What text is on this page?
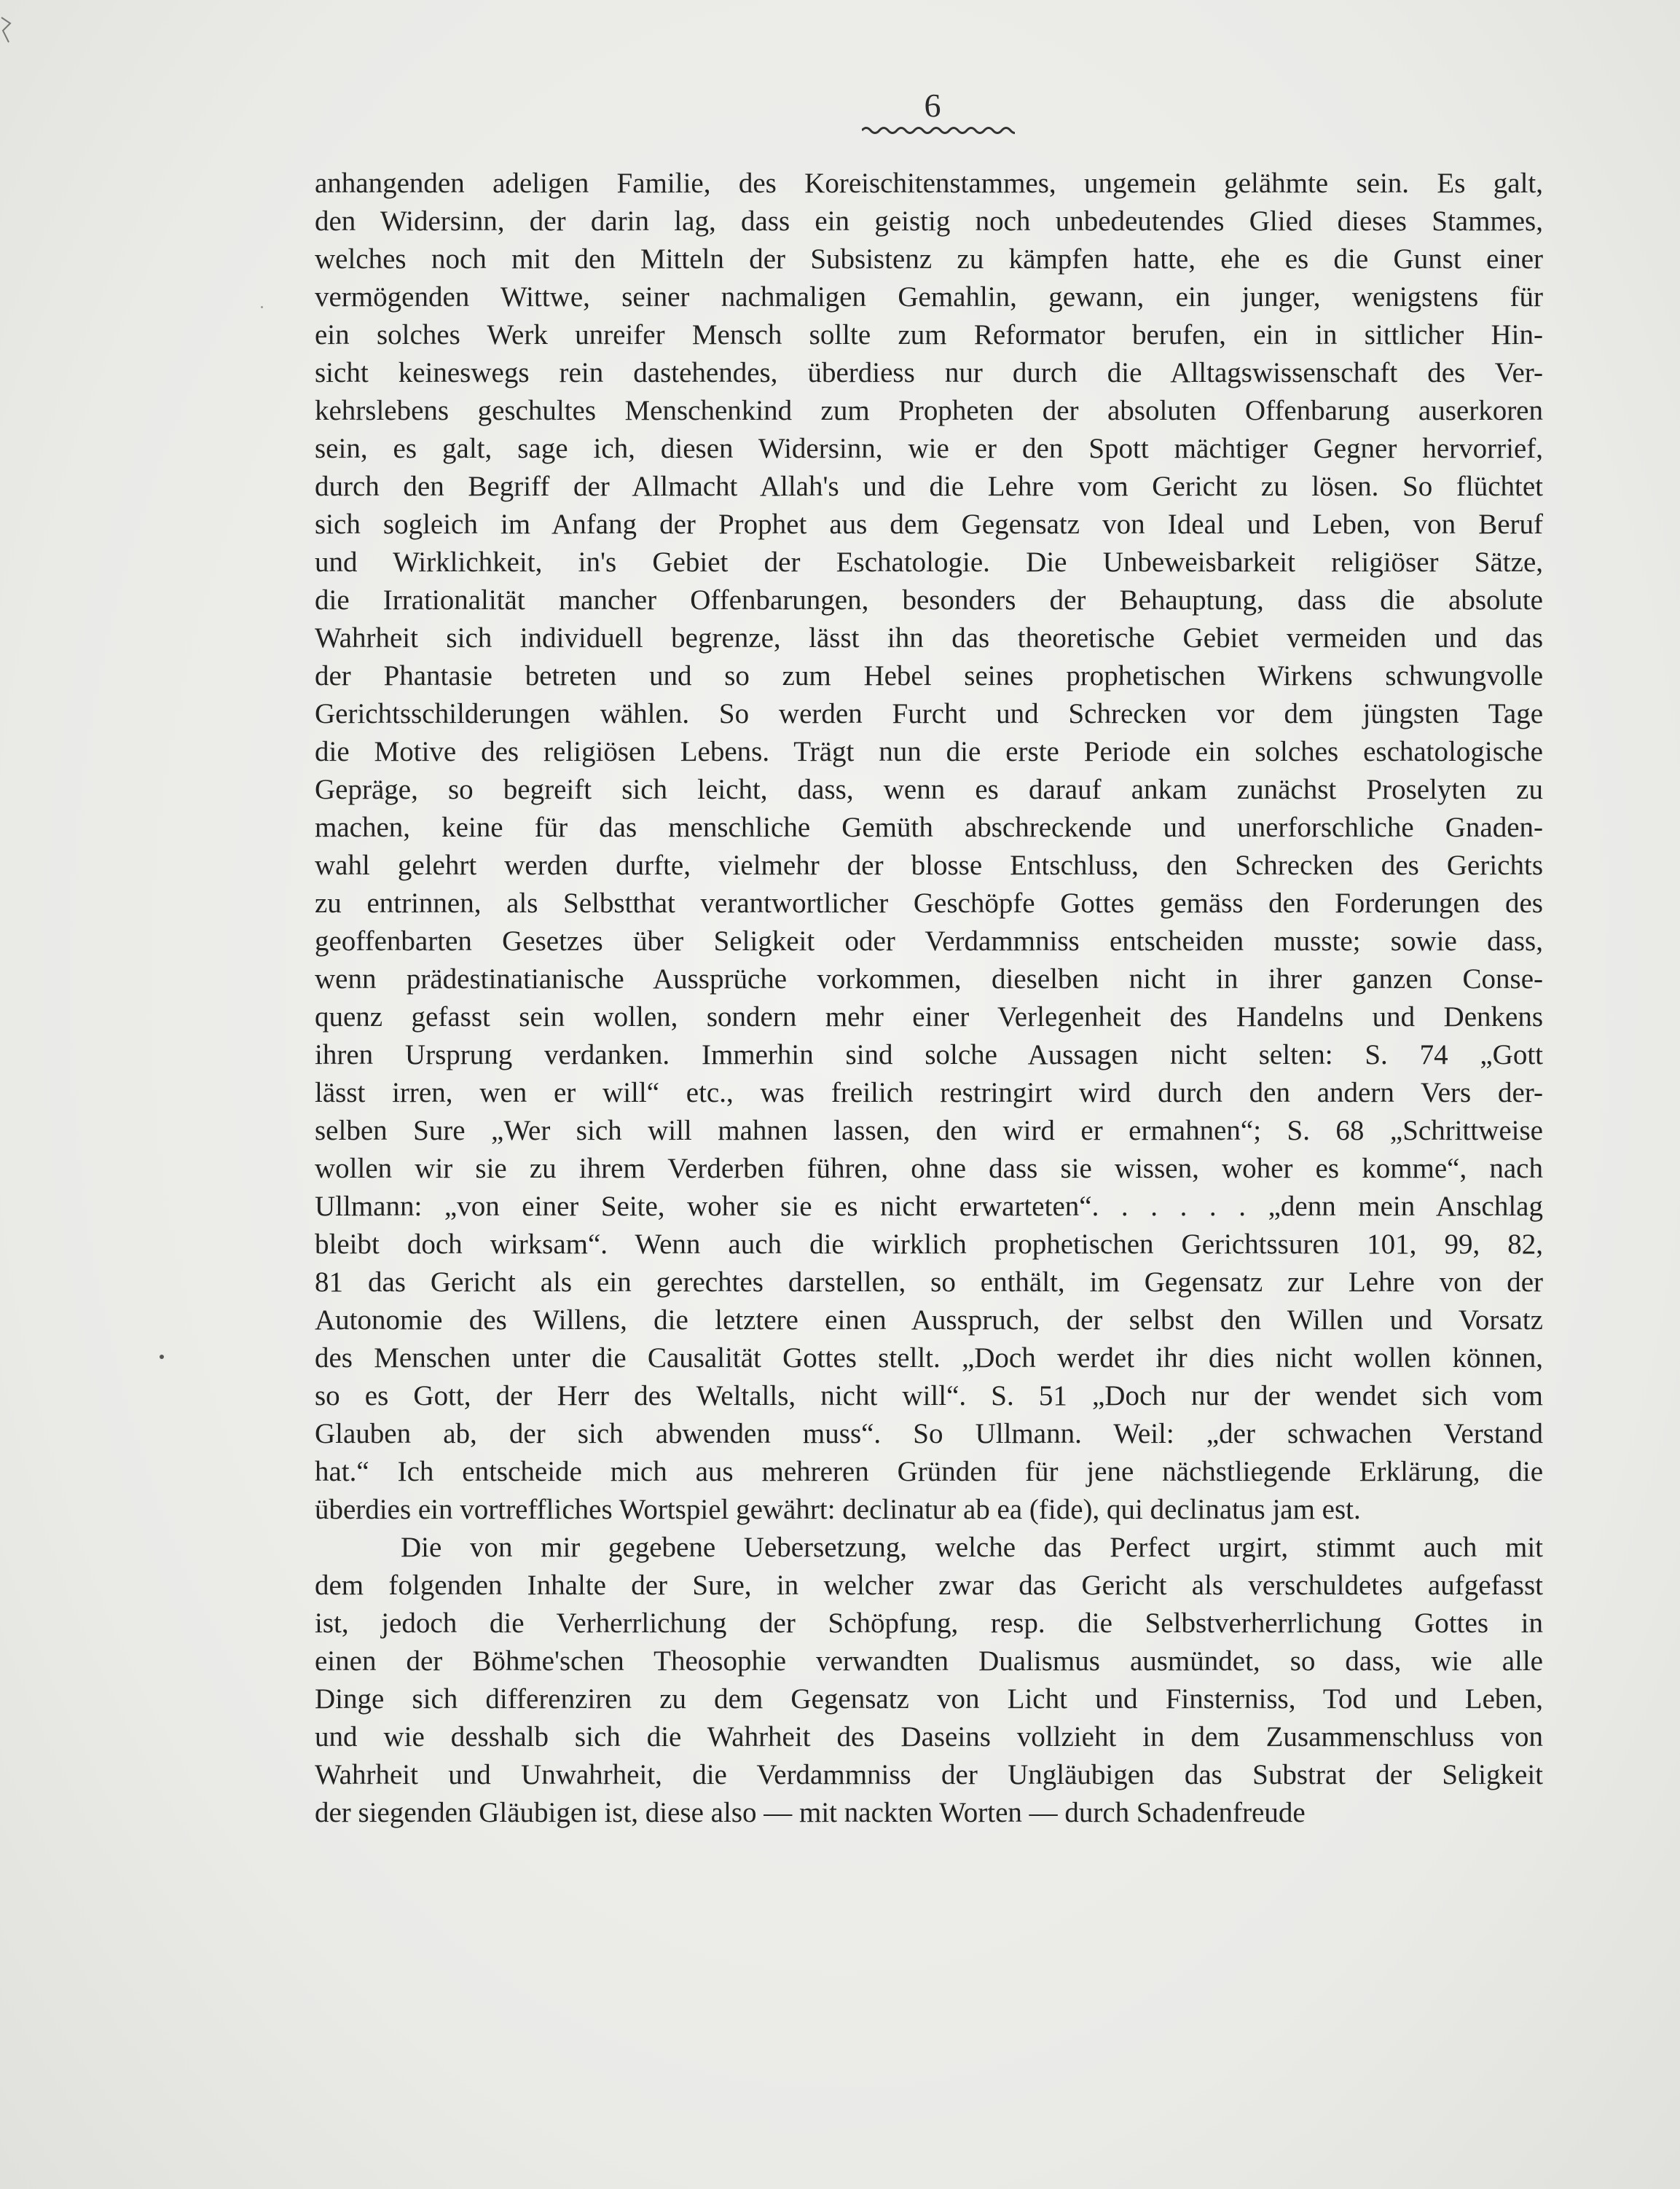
6
anhangenden adeligen Familie, des Koreischitenstammes, ungemein gelähmte sein. Es galt,
den Widersinn, der darin lag, dass ein geistig noch unbedeutendes Glied dieses Stammes,
welches noch mit den Mitteln der Subsistenz zu kämpfen hatte, ehe es die Gunst einer
vermögenden Wittwe, seiner nachmaligen Gemahlin, gewann, ein junger, wenigstens für
ein solches Werk unreifer Mensch sollte zum Reformator berufen, ein in sittlicher Hin-
sicht keineswegs rein dastehendes, überdiess nur durch die Alltagswissenschaft des Ver-
kehrslebens geschultes Menschenkind zum Propheten der absoluten Offenbarung auserkoren
sein, es galt, sage ich, diesen Widersinn, wie er den Spott mächtiger Gegner hervorrief,
durch den Begriff der Allmacht Allah's und die Lehre vom Gericht zu lösen. So flüchtet
sich sogleich im Anfang der Prophet aus dem Gegensatz von Ideal und Leben, von Beruf
und Wirklichkeit, in's Gebiet der Eschatologie. Die Unbeweisbarkeit religiöser Sätze,
die Irrationalität mancher Offenbarungen, besonders der Behauptung, dass die absolute
Wahrheit sich individuell begrenze, lässt ihn das theoretische Gebiet vermeiden und das
der Phantasie betreten und so zum Hebel seines prophetischen Wirkens schwungvolle
Gerichtsschilderungen wählen. So werden Furcht und Schrecken vor dem jüngsten Tage
die Motive des religiösen Lebens. Trägt nun die erste Periode ein solches eschatologische
Gepräge, so begreift sich leicht, dass, wenn es darauf ankam zunächst Proselyten zu
machen, keine für das menschliche Gemüth abschreckende und unerforschliche Gnaden-
wahl gelehrt werden durfte, vielmehr der blosse Entschluss, den Schrecken des Gerichts
zu entrinnen, als Selbstthat verantwortlicher Geschöpfe Gottes gemäss den Forderungen des
geoffenbarten Gesetzes über Seligkeit oder Verdammniss entscheiden musste; sowie dass,
wenn prädestinatianische Aussprüche vorkommen, dieselben nicht in ihrer ganzen Conse-
quenz gefasst sein wollen, sondern mehr einer Verlegenheit des Handelns und Denkens
ihren Ursprung verdanken. Immerhin sind solche Aussagen nicht selten: S. 74 „Gott
lässt irren, wen er will“ etc., was freilich restringirt wird durch den andern Vers der-
selben Sure „Wer sich will mahnen lassen, den wird er ermahnen“; S. 68 „Schrittweise
wollen wir sie zu ihrem Verderben führen, ohne dass sie wissen, woher es komme“, nach
Ullmann: „von einer Seite, woher sie es nicht erwarteten“. . . . . . „denn mein Anschlag
bleibt doch wirksam“. Wenn auch die wirklich prophetischen Gerichtssuren 101, 99, 82,
81 das Gericht als ein gerechtes darstellen, so enthält, im Gegensatz zur Lehre von der
Autonomie des Willens, die letztere einen Ausspruch, der selbst den Willen und Vorsatz
des Menschen unter die Causalität Gottes stellt. „Doch werdet ihr dies nicht wollen können,
so es Gott, der Herr des Weltalls, nicht will“. S. 51 „Doch nur der wendet sich vom
Glauben ab, der sich abwenden muss“. So Ullmann. Weil: „der schwachen Verstand
hat.“ Ich entscheide mich aus mehreren Gründen für jene nächstliegende Erklärung, die
überdies ein vortreffliches Wortspiel gewährt: declinatur ab ea (fide), qui declinatus jam est.
Die von mir gegebene Uebersetzung, welche das Perfect urgirt, stimmt auch mit
dem folgenden Inhalte der Sure, in welcher zwar das Gericht als verschuldetes aufgefasst
ist, jedoch die Verherrlichung der Schöpfung, resp. die Selbstverherrlichung Gottes in
einen der Böhme'schen Theosophie verwandten Dualismus ausmündet, so dass, wie alle
Dinge sich differenziren zu dem Gegensatz von Licht und Finsterniss, Tod und Leben,
und wie desshalb sich die Wahrheit des Daseins vollzieht in dem Zusammenschluss von
Wahrheit und Unwahrheit, die Verdammniss der Ungläubigen das Substrat der Seligkeit
der siegenden Gläubigen ist, diese also — mit nackten Worten — durch Schadenfreude
